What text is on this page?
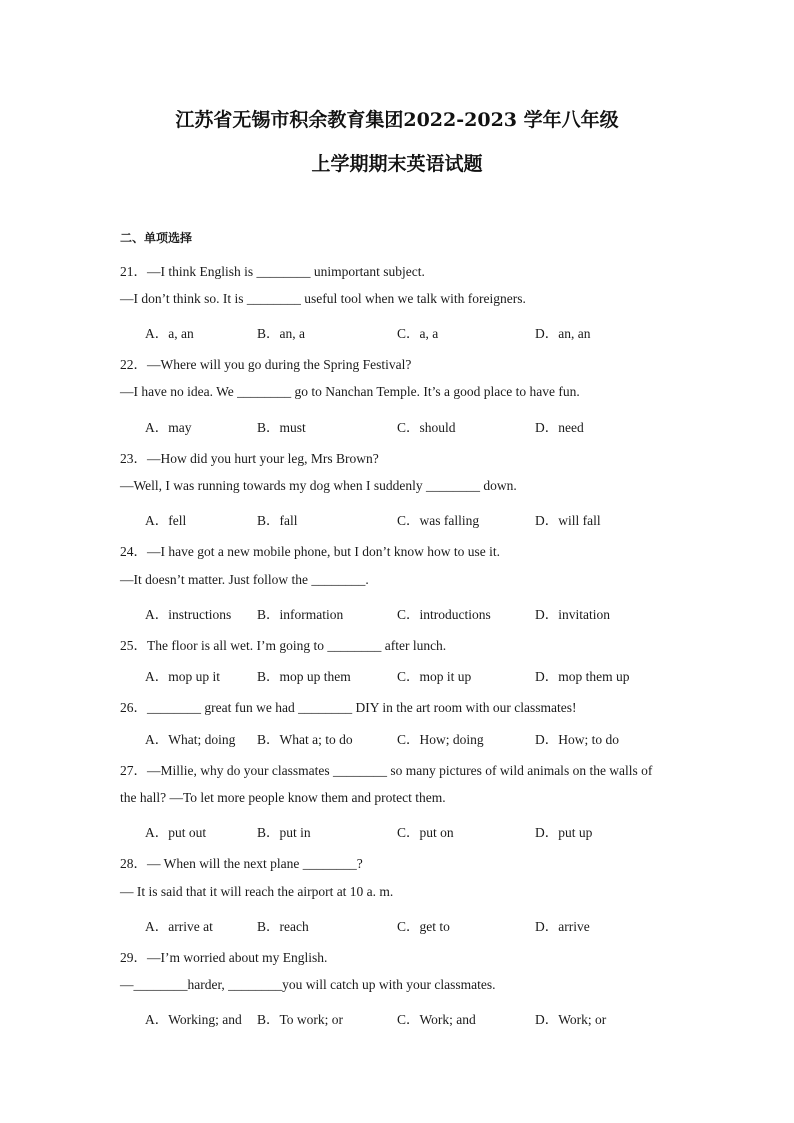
江苏省无锡市积余教育集团2022-2023 学年八年级
上学期期末英语试题
二、单项选择
21．—I think English is ________ unimportant subject.
—I don’t think so. It is ________ useful tool when we talk with foreigners.
A．a, an	B．an, a	C．a, a	D．an, an
22．—Where will you go during the Spring Festival?
—I have no idea. We ________ go to Nanchan Temple. It’s a good place to have fun.
A．may	B．must	C．should	D．need
23．—How did you hurt your leg, Mrs Brown?
—Well, I was running towards my dog when I suddenly ________ down.
A．fell	B．fall	C．was falling	D．will fall
24．—I have got a new mobile phone, but I don’t know how to use it.
—It doesn’t matter. Just follow the ________.
A．instructions B．information	C．introductions	D．invitation
25．The floor is all wet. I’m going to ________ after lunch.
A．mop up it	B．mop up them	C．mop it up	D．mop them up
26．________ great fun we had ________ DIY in the art room with our classmates!
A．What; doing B．What a; to do	C．How; doing	D．How; to do
27．—Millie, why do your classmates ________ so many pictures of wild animals on the walls of
the hall? —To let more people know them and protect them.
A．put out	B．put in	C．put on	D．put up
28．— When will the next plane ________?
— It is said that it will reach the airport at 10 a. m.
A．arrive at	B．reach	C．get to	D．arrive
29．—I’m worried about my English.
—________harder, ________you will catch up with your classmates.
A．Working; and B．To work; or	C．Work; and	D．Work; or
